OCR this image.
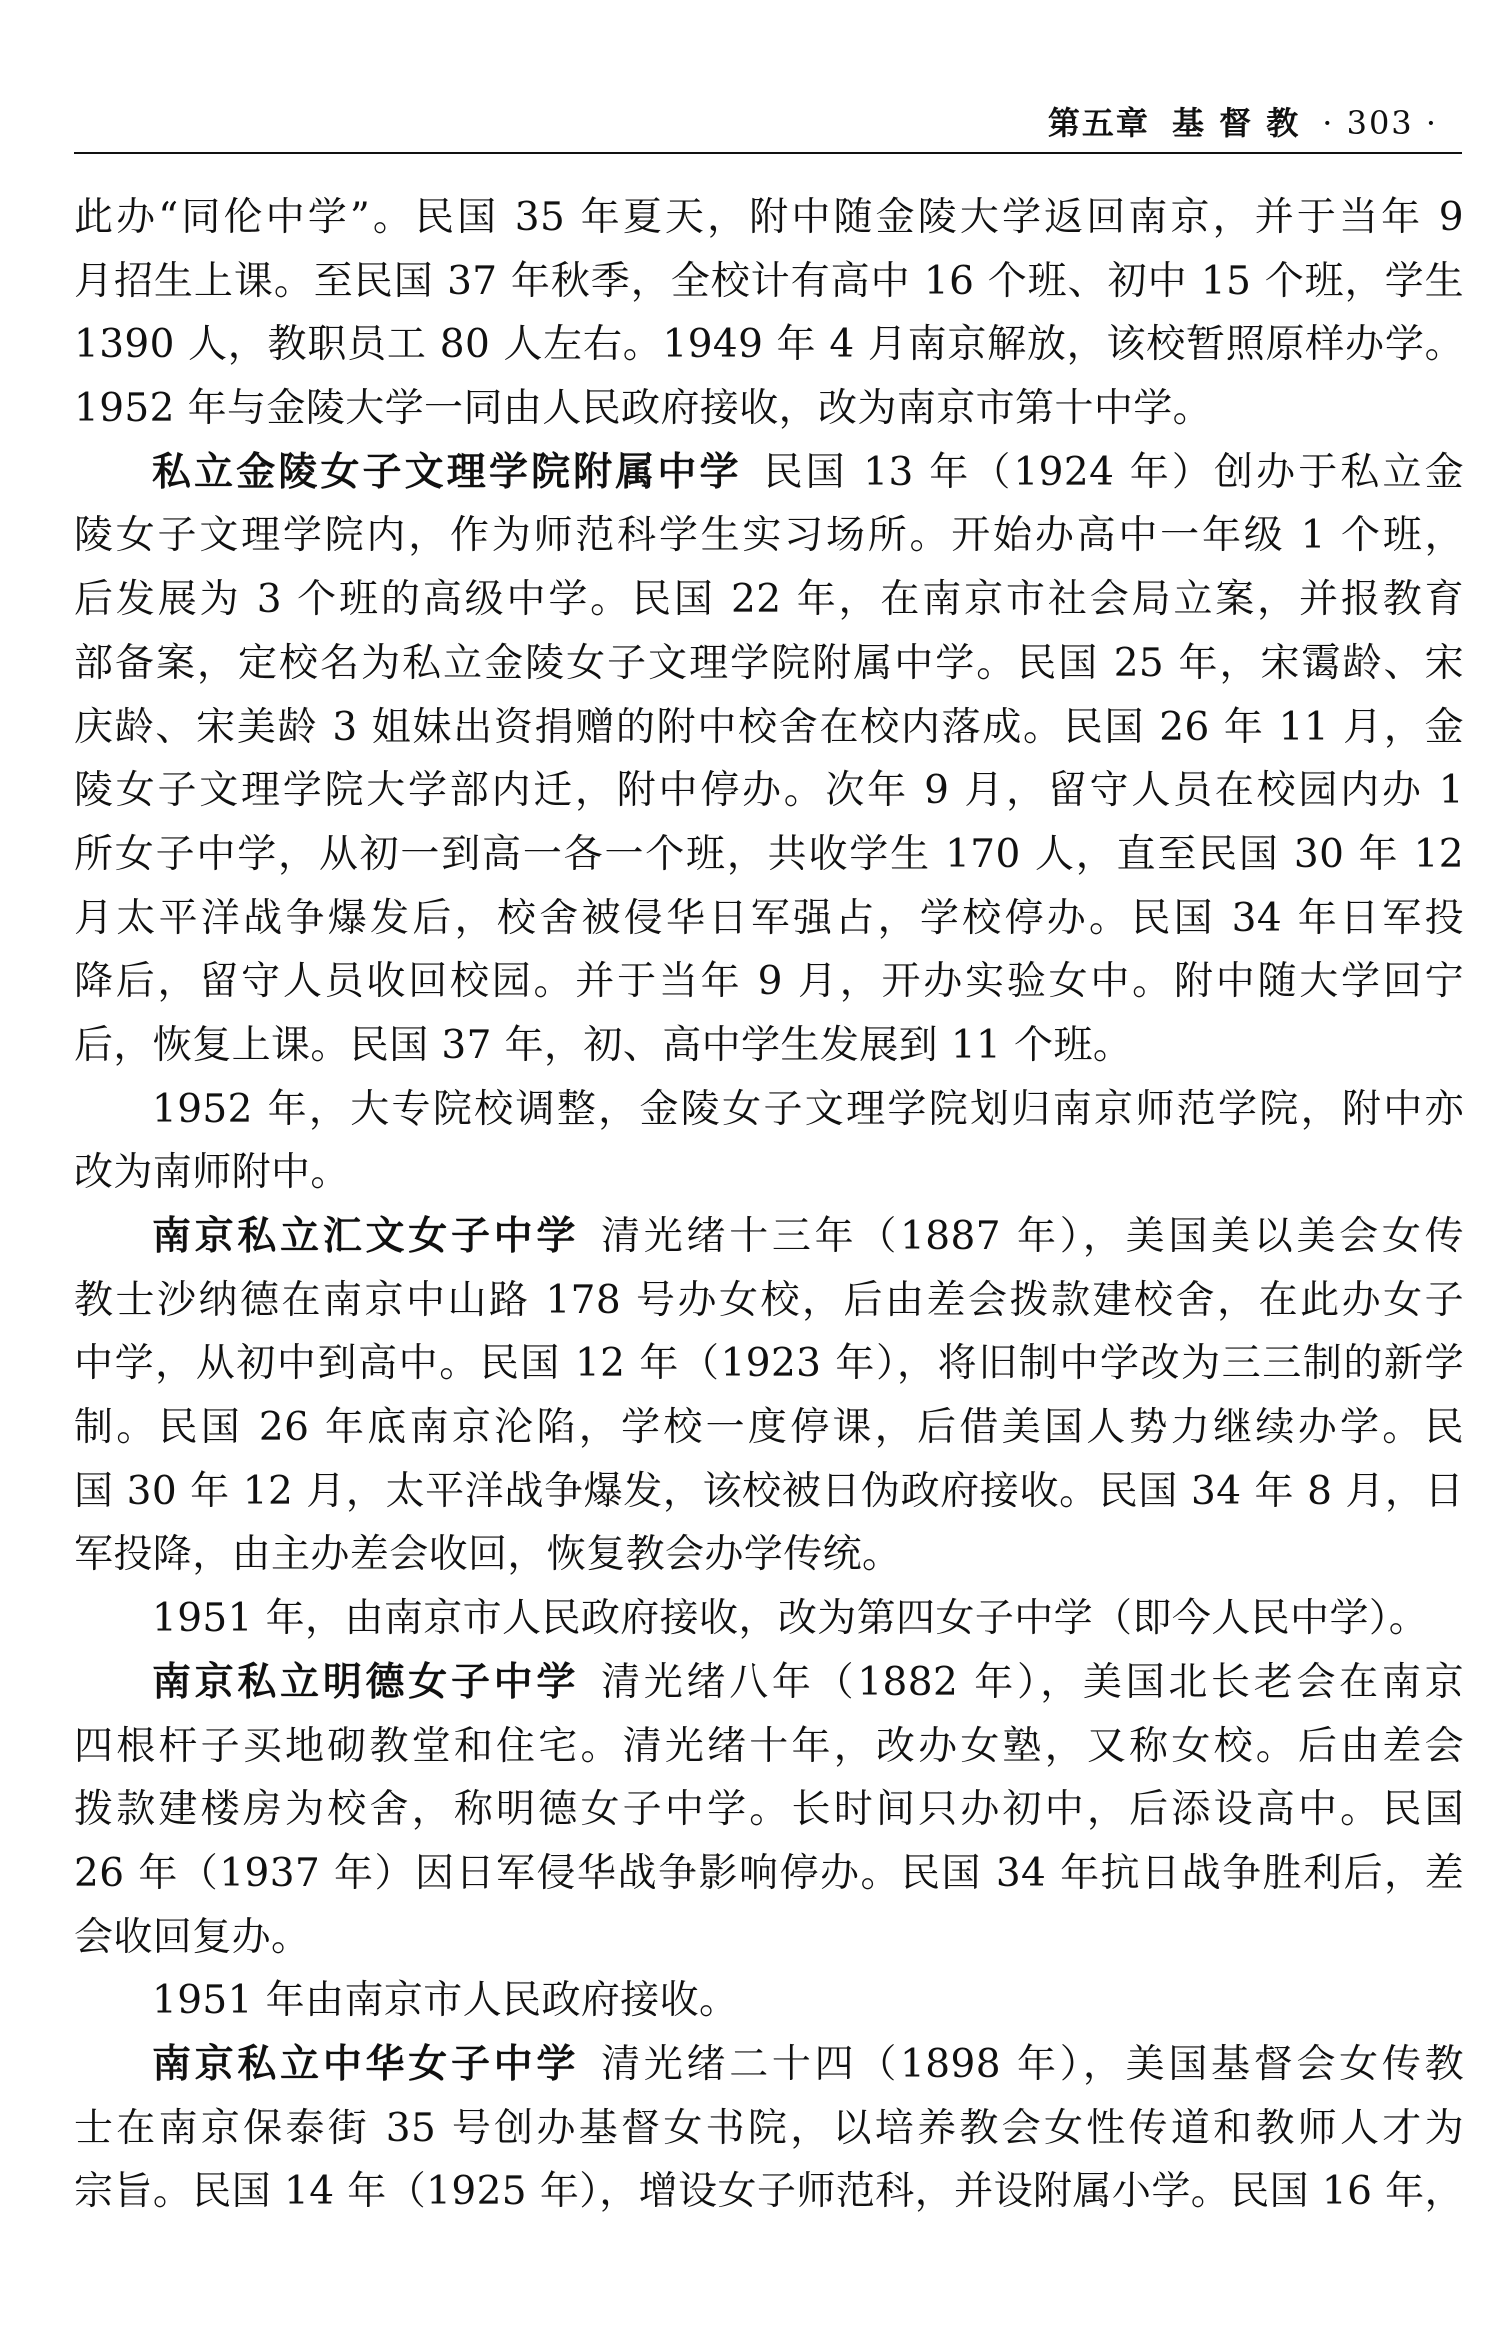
第五章 基 督 教 · 303 ·
此办“同伦中学”。民国 35 年夏天，附中随金陵大学返回南京，并于当年 9
月招生上课。至民国 37 年秋季，全校计有高中 16 个班、初中 15 个班，学生
1390 人，教职员工 80 人左右。1949 年 4 月南京解放，该校暂照原样办学。
1952 年与金陵大学一同由人民政府接收，改为南京市第十中学。
私立金陵女子文理学院附属中学 民国 13 年（1924 年）创办于私立金
陵女子文理学院内，作为师范科学生实习场所。开始办高中一年级 1 个班，
后发展为 3 个班的高级中学。民国 22 年，在南京市社会局立案，并报教育
部备案，定校名为私立金陵女子文理学院附属中学。民国 25 年，宋霭龄、宋
庆龄、宋美龄 3 姐妹出资捐赠的附中校舍在校内落成。民国 26 年 11 月，金
陵女子文理学院大学部内迁，附中停办。次年 9 月，留守人员在校园内办 1
所女子中学，从初一到高一各一个班，共收学生 170 人，直至民国 30 年 12
月太平洋战争爆发后，校舍被侵华日军强占，学校停办。民国 34 年日军投
降后，留守人员收回校园。并于当年 9 月，开办实验女中。附中随大学回宁
后，恢复上课。民国 37 年，初、高中学生发展到 11 个班。
1952 年，大专院校调整，金陵女子文理学院划归南京师范学院，附中亦
改为南师附中。
南京私立汇文女子中学 清光绪十三年（1887 年），美国美以美会女传
教士沙纳德在南京中山路 178 号办女校，后由差会拨款建校舍，在此办女子
中学，从初中到高中。民国 12 年（1923 年），将旧制中学改为三三制的新学
制。民国 26 年底南京沦陷，学校一度停课，后借美国人势力继续办学。民
国 30 年 12 月，太平洋战争爆发，该校被日伪政府接收。民国 34 年 8 月，日
军投降，由主办差会收回，恢复教会办学传统。
1951 年，由南京市人民政府接收，改为第四女子中学（即今人民中学）。
南京私立明德女子中学 清光绪八年（1882 年），美国北长老会在南京
四根杆子买地砌教堂和住宅。清光绪十年，改办女塾，又称女校。后由差会
拨款建楼房为校舍，称明德女子中学。长时间只办初中，后添设高中。民国
26 年（1937 年）因日军侵华战争影响停办。民国 34 年抗日战争胜利后，差
会收回复办。
1951 年由南京市人民政府接收。
南京私立中华女子中学 清光绪二十四（1898 年），美国基督会女传教
士在南京保泰街 35 号创办基督女书院，以培养教会女性传道和教师人才为
宗旨。民国 14 年（1925 年），增设女子师范科，并设附属小学。民国 16 年，
